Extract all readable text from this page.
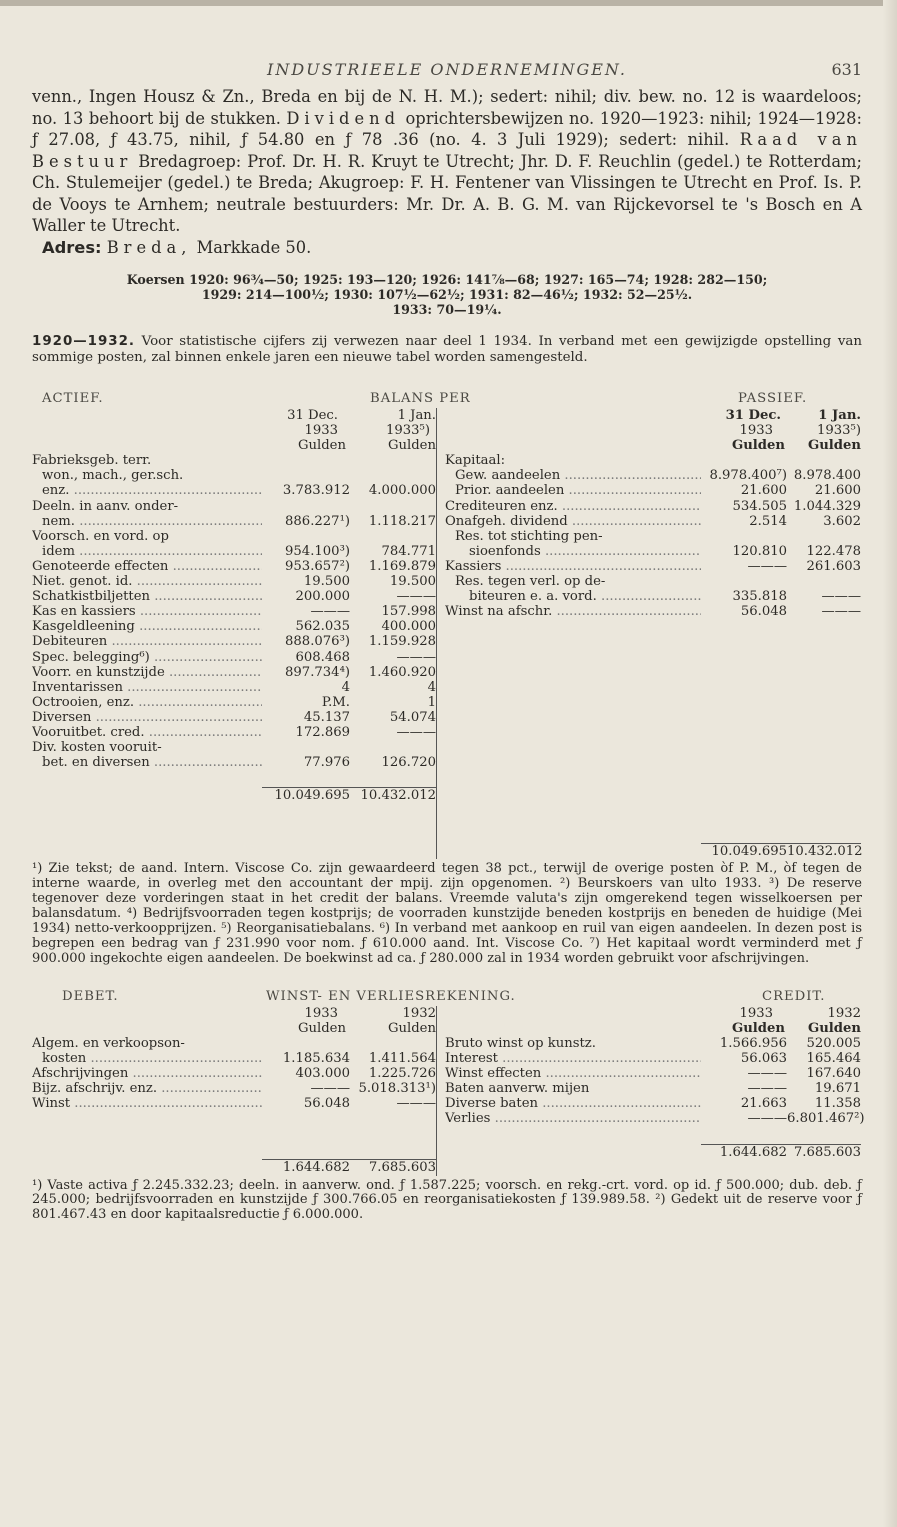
INDUSTRIEELE ONDERNEMINGEN.	631

venn., Ingen Housz & Zn., Breda en bij de N. H. M.); sedert: nihil; div. bew. no. 12 is waardeloos; no. 13 behoort bij de stukken. Dividend oprichtersbewijzen no. 1920—1923: nihil; 1924—1928: ƒ 27.08, ƒ 43.75, nihil, ƒ 54.80 en ƒ 78 .36 (no. 4. 3 Juli 1929); sedert: nihil. Raad van Bestuur Bredagroep: Prof. Dr. H. R. Kruyt te Utrecht; Jhr. D. F. Reuchlin (gedel.) te Rotterdam; Ch. Stulemeijer (gedel.) te Breda; Akugroep: F. H. Fentener van Vlissingen te Utrecht en Prof. Is. P. de Vooys te Arnhem; neutrale bestuurders: Mr. Dr. A. B. G. M. van Rijckevorsel te 's Bosch en A Waller te Utrecht.
Adres: Breda, Markkade 50.

Koersen 1920: 96¾—50; 1925: 193—120; 1926: 141⅞—68; 1927: 165—74; 1928: 282—150;
1929: 214—100½; 1930: 107½—62½; 1931: 82—46½; 1932: 52—25½.
1933: 70—19¼.

1920—1932. Voor statistische cijfers zij verwezen naar deel 1 1934. In verband met een gewijzigde opstelling van sommige posten, zal binnen enkele jaren een nieuwe tabel worden samengesteld.

ACTIEF.	BALANS PER	PASSIEF.
31 Dec.	1 Jan.
1933	1933⁵)
Gulden	Gulden
Fabrieksgeb. terr.
won., mach., ger.sch.
enz. .....	3.783.912	4.000.000
Deeln. in aanv. onder-
nem. .....	886.227¹)	1.118.217
Voorsch. en vord. op
idem .....	954.100³)	784.771
Genoteerde effecten .....	953.657²)	1.169.879
Niet. genot. id. .....	19.500	19.500
Schatkistbiljetten .....	200.000	———
Kas en kassiers .....	———	157.998
Kasgeldleening .....	562.035	400.000
Debiteuren .....	888.076³)	1.159.928
Spec. belegging⁶) .....	608.468	———
Voorr. en kunstzijde .....	897.734⁴)	1.460.920
Inventarissen .....	4	4
Octrooien, enz. .....	P.M.	1
Diversen .....	45.137	54.074
Vooruitbet. cred. .....	172.869	———
Div. kosten vooruit-
bet. en diversen .....	77.976	126.720
10.049.695 10.432.012
31 Dec.	1 Jan.
1933	1933⁵)
Gulden	Gulden
Kapitaal:
Gew. aandeelen .....	8.978.400⁷) 8.978.400
Prior. aandeelen .....	21.600	21.600
Crediteuren enz. .....	534.505 1.044.329
Onafgeh. dividend .....	2.514	3.602
Res. tot stichting pen-
sioenfonds .....	120.810	122.478
Kassiers .....	———	261.603
Res. tegen verl. op de-
biteuren e. a. vord. .....	335.818	———
Winst na afschr. .....	56.048	———
10.049.695 10.432.012

¹) Zie tekst; de aand. Intern. Viscose Co. zijn gewaardeerd tegen 38 pct., terwijl de overige posten òf P. M., òf tegen de interne waarde, in overleg met den accountant der mpij. zijn opgenomen. ²) Beurskoers van ulto 1933. ³) De reserve tegenover deze vorderingen staat in het credit der balans. Vreemde valuta's zijn omgerekend tegen wisselkoersen per balansdatum. ⁴) Bedrijfsvoorraden tegen kostprijs; de voorraden kunstzijde beneden kostprijs en beneden de huidige (Mei 1934) netto-verkoopprijzen. ⁵) Reorganisatiebalans. ⁶) In verband met aankoop en ruil van eigen aandeelen. In dezen post is begrepen een bedrag van ƒ 231.990 voor nom. ƒ 610.000 aand. Int. Viscose Co. ⁷) Het kapitaal wordt verminderd met ƒ 900.000 ingekochte eigen aandeelen. De boekwinst ad ca. ƒ 280.000 zal in 1934 worden gebruikt voor afschrijvingen.

DEBET.	WINST- EN VERLIESREKENING.	CREDIT.
1933	1932
Gulden	Gulden
Algem. en verkoopson-
kosten .....	1.185.634	1.411.564
Afschrijvingen .....	403.000	1.225.726
Bijz. afschrijv. enz. .....	——— 5.018.313¹)
Winst .....	56.048	———
1.644.682	7.685.603
1933	1932
Gulden	Gulden
Bruto winst op kunstz.	1.566.956	520.005
Interest .....	56.063	165.464
Winst effecten .....	———	167.640
Baten aanverw. mijen	———	19.671
Diverse baten .....	21.663	11.358
Verlies .....	——— 6.801.467²)
1.644.682 7.685.603

¹) Vaste activa ƒ 2.245.332.23; deeln. in aanverw. ond. ƒ 1.587.225; voorsch. en rekg.-crt. vord. op id. ƒ 500.000; dub. deb. ƒ 245.000; bedrijfsvoorraden en kunstzijde ƒ 300.766.05 en reorganisatiekosten ƒ 139.989.58. ²) Gedekt uit de reserve voor ƒ 801.467.43 en door kapitaalsreductie ƒ 6.000.000.
